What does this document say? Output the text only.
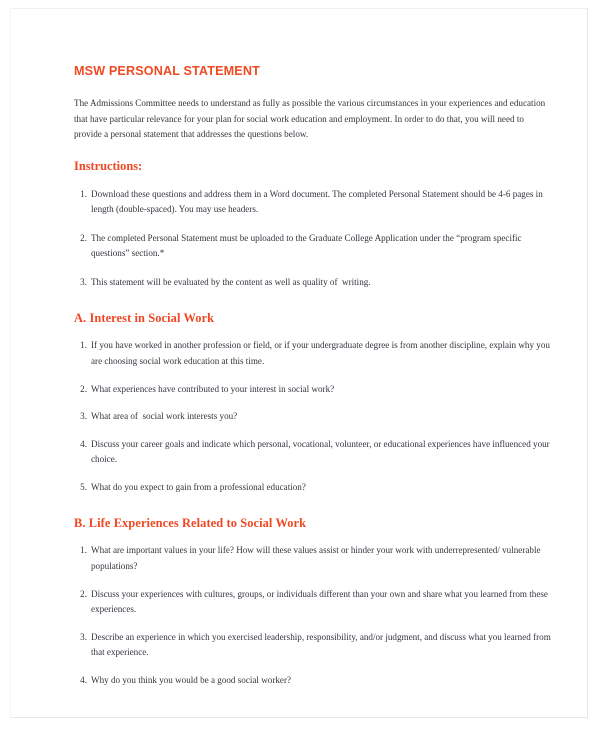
MSW PERSONAL STATEMENT

The Admissions Committee needs to understand as fully as possible the various circumstances in your experiences and education that have particular relevance for your plan for social work education and employment. In order to do that, you will need to provide a personal statement that addresses the questions below.

Instructions:
1. Download these questions and address them in a Word document. The completed Personal Statement should be 4-6 pages in length (double-spaced). You may use headers.
2. The completed Personal Statement must be uploaded to the Graduate College Application under the “program specific questions” section.*
3. This statement will be evaluated by the content as well as quality of  writing.
A. Interest in Social Work
1. If you have worked in another profession or field, or if your undergraduate degree is from another discipline, explain why you are choosing social work education at this time.
2. What experiences have contributed to your interest in social work?
3. What area of  social work interests you?
4. Discuss your career goals and indicate which personal, vocational, volunteer, or educational experiences have influenced your choice.
5. What do you expect to gain from a professional education?
B. Life Experiences Related to Social Work
1. What are important values in your life? How will these values assist or hinder your work with underrepresented/ vulnerable populations?
2. Discuss your experiences with cultures, groups, or individuals different than your own and share what you learned from these experiences.
3. Describe an experience in which you exercised leadership, responsibility, and/or judgment, and discuss what you learned from that experience.
4. Why do you think you would be a good social worker?
